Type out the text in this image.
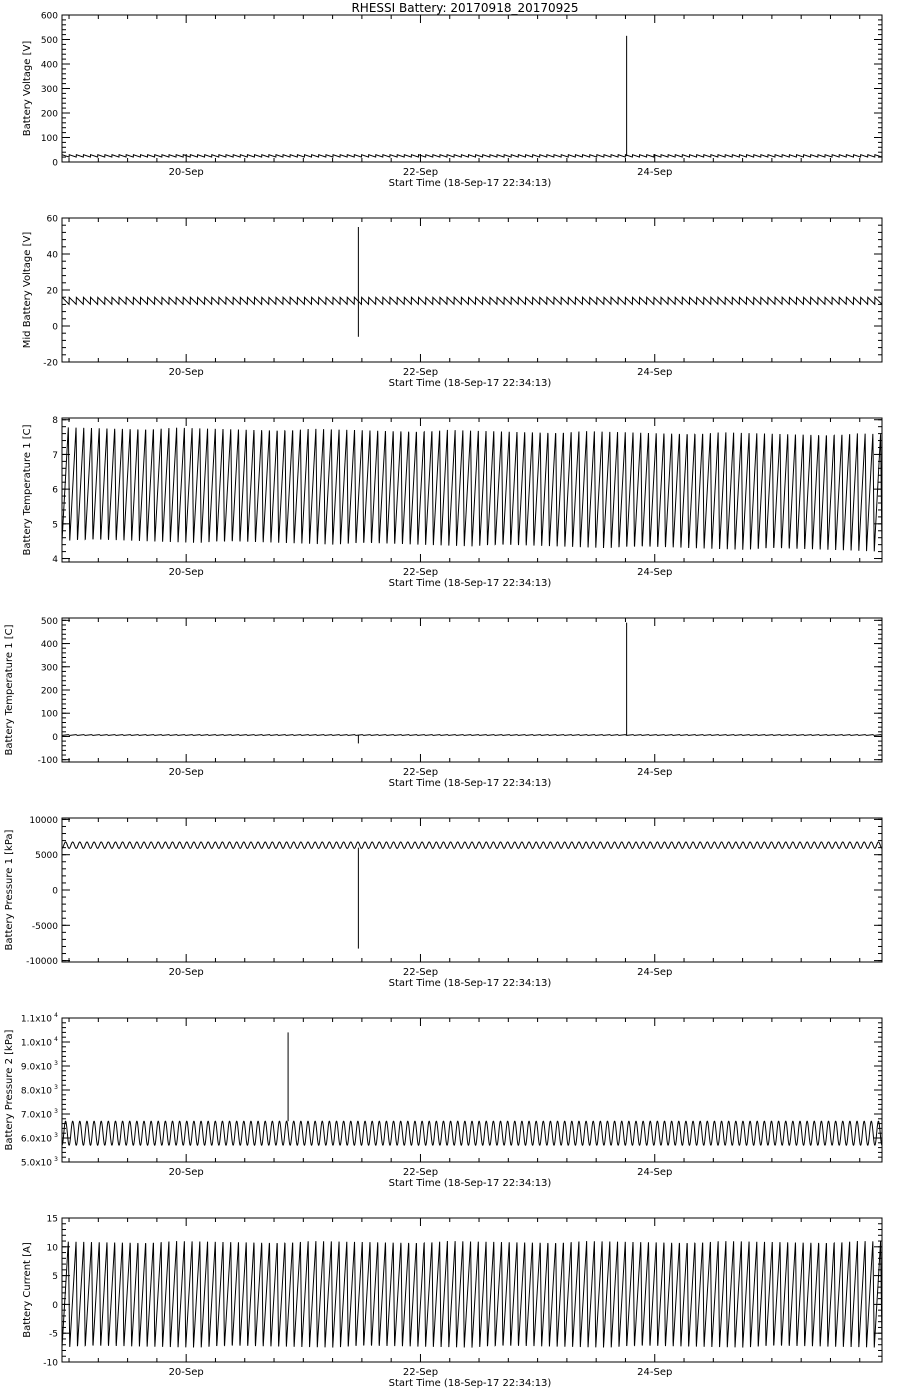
RHESSI Battery: 20170918_20170925
20-Sep	22-Sep	24-Sep
0
100
200
300
400
500
600
Start Time (18-Sep-17 22:34:13)
Battery Voltage [V]
20-Sep	22-Sep	24-Sep
-20
0
20
40
60
Start Time (18-Sep-17 22:34:13)
Mid Battery Voltage [V]
20-Sep	22-Sep	24-Sep
4
5
6
7
8
Start Time (18-Sep-17 22:34:13)
Battery Temperature 1 [C]
20-Sep	22-Sep	24-Sep
-100
0
100
200
300
400
500
Start Time (18-Sep-17 22:34:13)
Battery Temperature 1 [C]
20-Sep	22-Sep	24-Sep
-10000
-5000
0
5000
10000
Start Time (18-Sep-17 22:34:13)
Battery Pressure 1 [kPa]
20-Sep	22-Sep	24-Sep
5.0x10 3
6.0x10 3
7.0x10 3
8.0x10 3
9.0x10 3
1.0x10 4
1.1x10 4
Start Time (18-Sep-17 22:34:13)
Battery Pressure 2 [kPa]
20-Sep	22-Sep	24-Sep
-10
-5
0
5
10
15
Start Time (18-Sep-17 22:34:13)
Battery Current [A]
